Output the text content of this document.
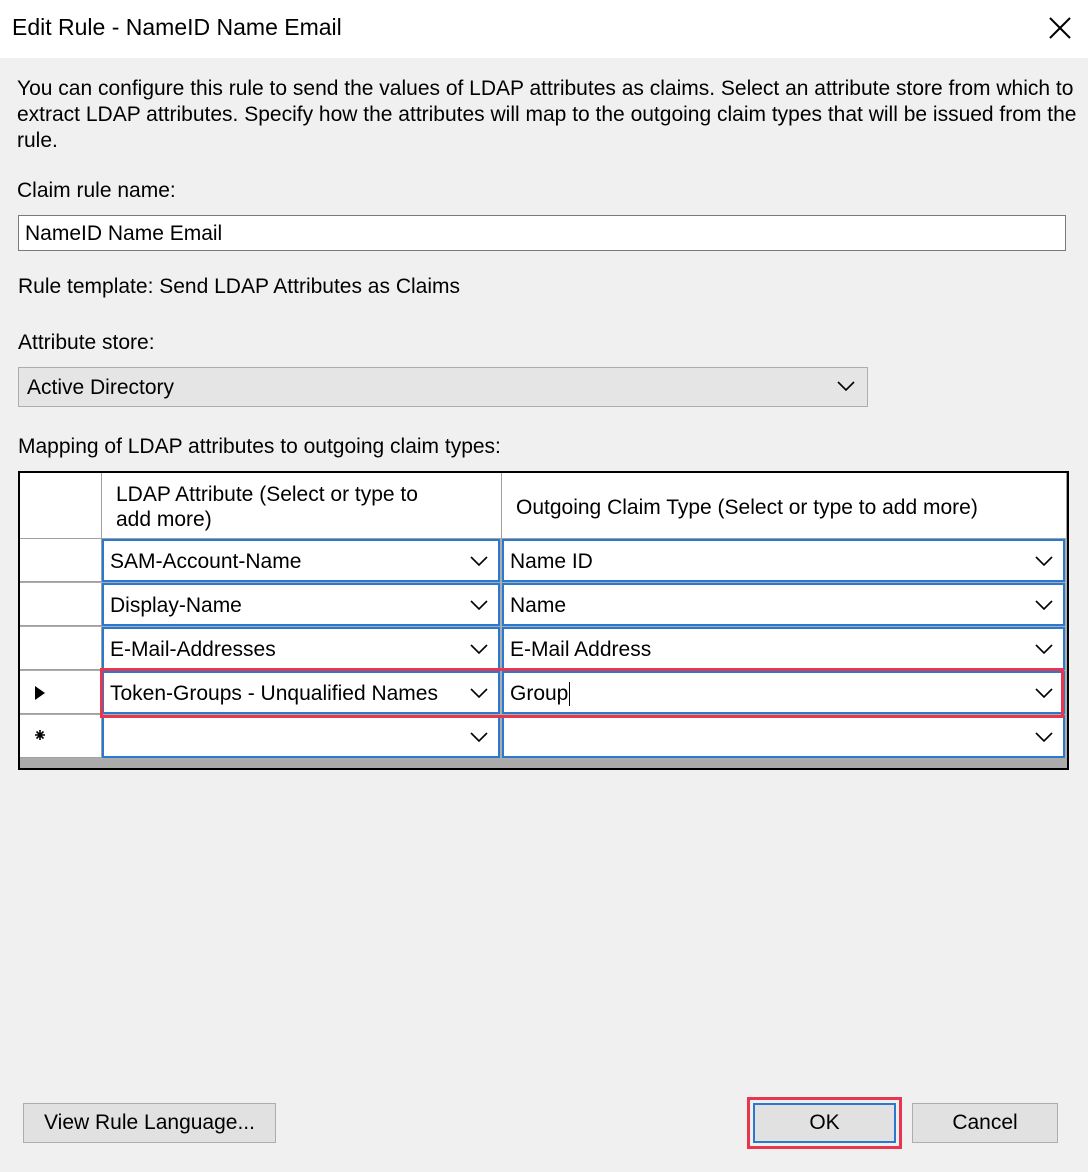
Edit Rule - NameID Name Email
You can configure this rule to send the values of LDAP attributes as claims. Select an attribute store from which to extract LDAP attributes. Specify how the attributes will map to the outgoing claim types that will be issued from the rule.
Claim rule name:
NameID Name Email
Rule template: Send LDAP Attributes as Claims
Attribute store:
Active Directory
Mapping of LDAP attributes to outgoing claim types:
LDAP Attribute (Select or type to add more)
Outgoing Claim Type (Select or type to add more)
SAM-Account-Name	Name ID
Display-Name	Name
E-Mail-Addresses	E-Mail Address
Token-Groups - Unqualified Names	Group
View Rule Language...	OK	Cancel
